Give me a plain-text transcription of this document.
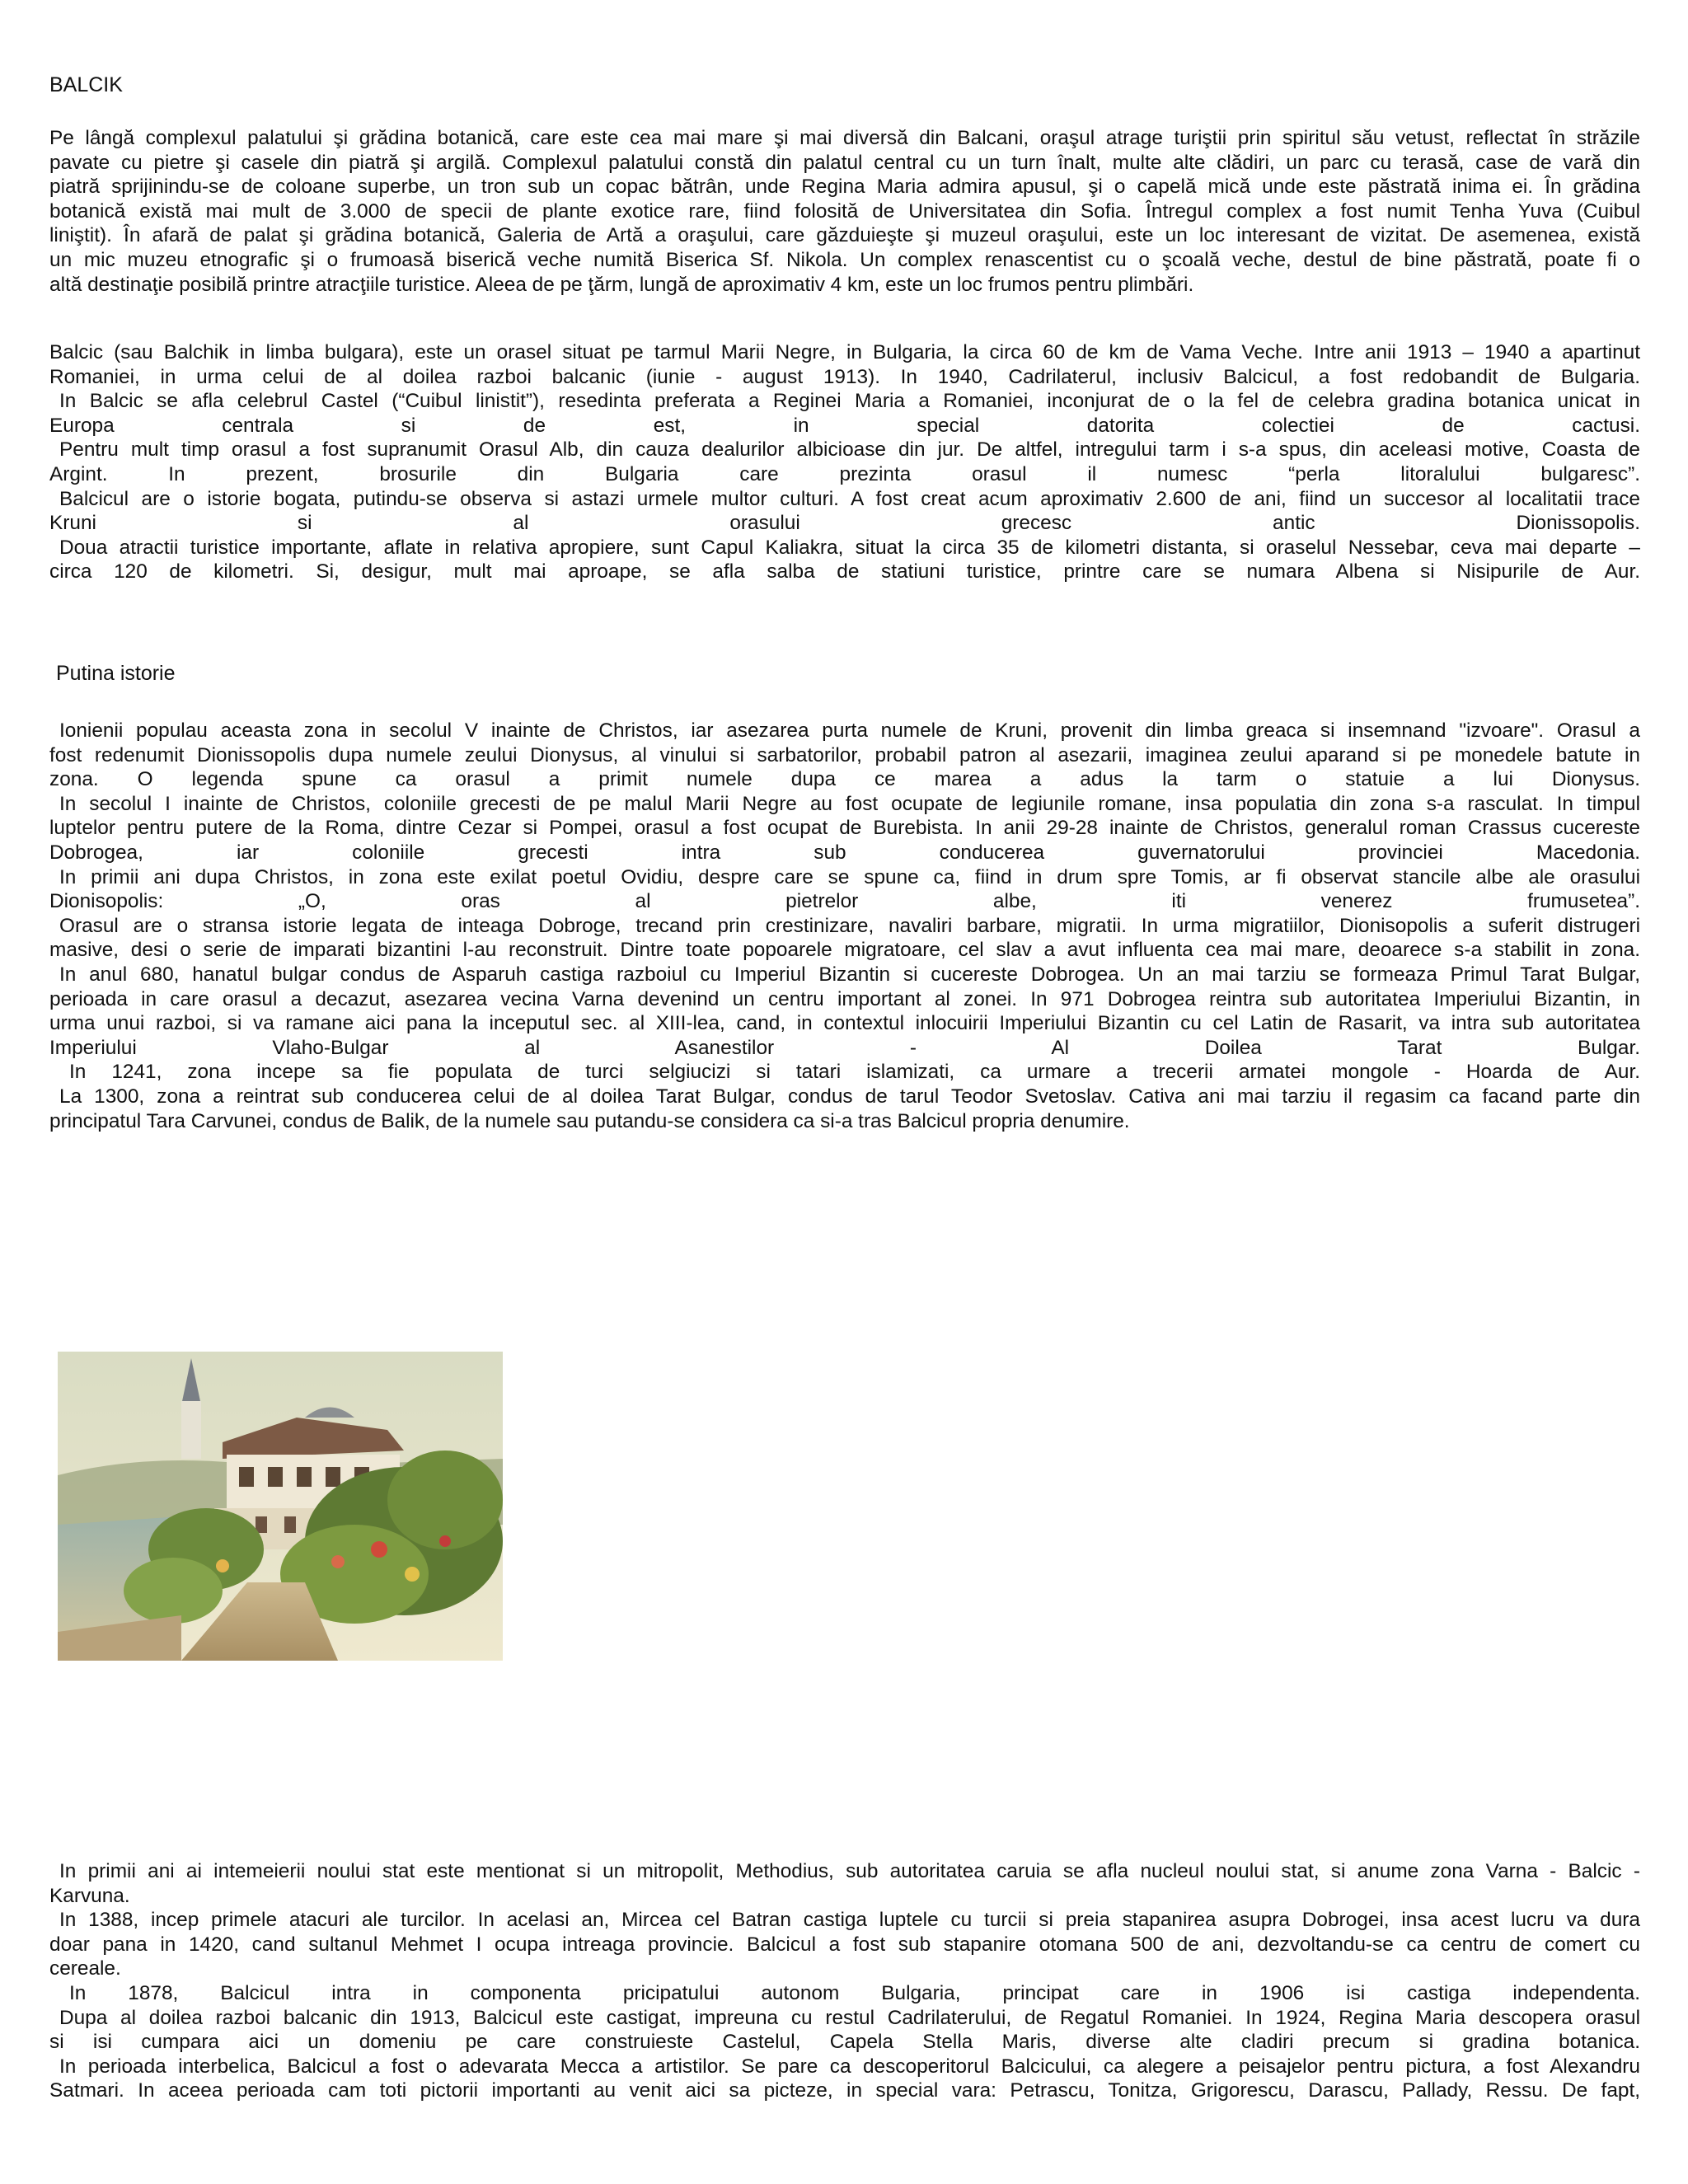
BALCIK

Pe lângă complexul palatului şi grădina botanică, care este cea mai mare şi mai diversă din Balcani, oraşul atrage turiştii prin spiritul său vetust, reflectat în străzile

pavate cu pietre şi casele din piatră şi argilă. Complexul palatului constă din palatul central cu un turn înalt, multe alte clădiri, un parc cu terasă, case de vară din

piatră sprijinindu-se de coloane superbe, un tron sub un copac bătrân, unde Regina Maria admira apusul, şi o capelă mică unde este păstrată inima ei. În grădina

botanică există mai mult de 3.000 de specii de plante exotice rare, fiind folosită de Universitatea din Sofia. Întregul complex a fost numit Tenha Yuva (Cuibul

liniştit). În afară de palat şi grădina botanică, Galeria de Artă a oraşului, care găzduieşte şi muzeul oraşului, este un loc interesant de vizitat. De asemenea, există

un mic muzeu etnografic şi o frumoasă biserică veche numită Biserica Sf. Nikola. Un complex renascentist cu o şcoală veche, destul de bine păstrată, poate fi o

altă destinaţie posibilă printre atracţiile turistice. Aleea de pe ţărm, lungă de aproximativ 4 km, este un loc frumos pentru plimbări.

Balcic (sau Balchik in limba bulgara), este un orasel situat pe tarmul Marii Negre, in Bulgaria, la circa 60 de km de Vama Veche. Intre anii 1913 – 1940 a apartinut

Romaniei, in urma celui de al doilea razboi balcanic (iunie - august 1913). In 1940, Cadrilaterul, inclusiv Balcicul, a fost redobandit de Bulgaria.

In Balcic se afla celebrul Castel (“Cuibul linistit”), resedinta preferata a Reginei Maria a Romaniei, inconjurat de o la fel de celebra gradina botanica unicat in

Europa centrala si de est, in special datorita colectiei de cactusi.

Pentru mult timp orasul a fost supranumit Orasul Alb, din cauza dealurilor albicioase din jur. De altfel, intregului tarm i s-a spus, din aceleasi motive, Coasta de

Argint. In prezent, brosurile din Bulgaria care prezinta orasul il numesc “perla litoralului bulgaresc”.

Balcicul are o istorie bogata, putindu-se observa si astazi urmele multor culturi. A fost creat acum aproximativ 2.600 de ani, fiind un succesor al localitatii trace

Kruni si al orasului grecesc antic Dionissopolis.

Doua atractii turistice importante, aflate in relativa apropiere, sunt Capul Kaliakra, situat la circa 35 de kilometri distanta, si oraselul Nessebar, ceva mai departe –

circa 120 de kilometri. Si, desigur, mult mai aproape, se afla salba de statiuni turistice, printre care se numara Albena si Nisipurile de Aur.

Putina istorie

Ionienii populau aceasta zona in secolul V inainte de Christos, iar asezarea purta numele de Kruni, provenit din limba greaca si insemnand "izvoare". Orasul a

fost redenumit Dionissopolis dupa numele zeului Dionysus, al vinului si sarbatorilor, probabil patron al asezarii, imaginea zeului aparand si pe monedele batute in

zona. O legenda spune ca orasul a primit numele dupa ce marea a adus la tarm o statuie a lui Dionysus.

In secolul I inainte de Christos, coloniile grecesti de pe malul Marii Negre au fost ocupate de legiunile romane, insa populatia din zona s-a rasculat. In timpul

luptelor pentru putere de la Roma, dintre Cezar si Pompei, orasul a fost ocupat de Burebista. In anii 29-28 inainte de Christos, generalul roman Crassus cucereste

Dobrogea, iar coloniile grecesti intra sub conducerea guvernatorului provinciei Macedonia.

In primii ani dupa Christos, in zona este exilat poetul Ovidiu, despre care se spune ca, fiind in drum spre Tomis, ar fi observat stancile albe ale orasului

Dionisopolis: „O, oras al pietrelor albe, iti venerez frumusetea”.

Orasul are o stransa istorie legata de inteaga Dobroge, trecand prin crestinizare, navaliri barbare, migratii. In urma migratiilor, Dionisopolis a suferit distrugeri

masive, desi o serie de imparati bizantini l-au reconstruit. Dintre toate popoarele migratoare, cel slav a avut influenta cea mai mare, deoarece s-a stabilit in zona.

In anul 680, hanatul bulgar condus de Asparuh castiga razboiul cu Imperiul Bizantin si cucereste Dobrogea. Un an mai tarziu se formeaza Primul Tarat Bulgar,

perioada in care orasul a decazut, asezarea vecina Varna devenind un centru important al zonei. In 971 Dobrogea reintra sub autoritatea Imperiului Bizantin, in

urma unui razboi, si va ramane aici pana la inceputul sec. al XIII-lea, cand, in contextul inlocuirii Imperiului Bizantin cu cel Latin de Rasarit, va intra sub autoritatea

Imperiului Vlaho-Bulgar al Asanestilor - Al Doilea Tarat Bulgar.

In 1241, zona incepe sa fie populata de turci selgiucizi si tatari islamizati, ca urmare a trecerii armatei mongole - Hoarda de Aur.

La 1300, zona a reintrat sub conducerea celui de al doilea Tarat Bulgar, condus de tarul Teodor Svetoslav. Cativa ani mai tarziu il regasim ca facand parte din

principatul Tara Carvunei, condus de Balik, de la numele sau putandu-se considera ca si-a tras Balcicul propria denumire.

In primii ani ai intemeierii noului stat este mentionat si un mitropolit, Methodius, sub autoritatea caruia se afla nucleul noului stat, si anume zona Varna - Balcic -

Karvuna.

In 1388, incep primele atacuri ale turcilor. In acelasi an, Mircea cel Batran castiga luptele cu turcii si preia stapanirea asupra Dobrogei, insa acest lucru va dura

doar pana in 1420, cand sultanul Mehmet I ocupa intreaga provincie. Balcicul a fost sub stapanire otomana 500 de ani, dezvoltandu-se ca centru de comert cu

cereale.

In 1878, Balcicul intra in componenta pricipatului autonom Bulgaria, principat care in 1906 isi castiga independenta.

Dupa al doilea razboi balcanic din 1913, Balcicul este castigat, impreuna cu restul Cadrilaterului, de Regatul Romaniei. In 1924, Regina Maria descopera orasul

si isi cumpara aici un domeniu pe care construieste Castelul, Capela Stella Maris, diverse alte cladiri precum si gradina botanica.

In perioada interbelica, Balcicul a fost o adevarata Mecca a artistilor. Se pare ca descoperitorul Balcicului, ca alegere a peisajelor pentru pictura, a fost Alexandru

Satmari. In aceea perioada cam toti pictorii importanti au venit aici sa picteze, in special vara: Petrascu, Tonitza, Grigorescu, Darascu, Pallady, Ressu. De fapt,
